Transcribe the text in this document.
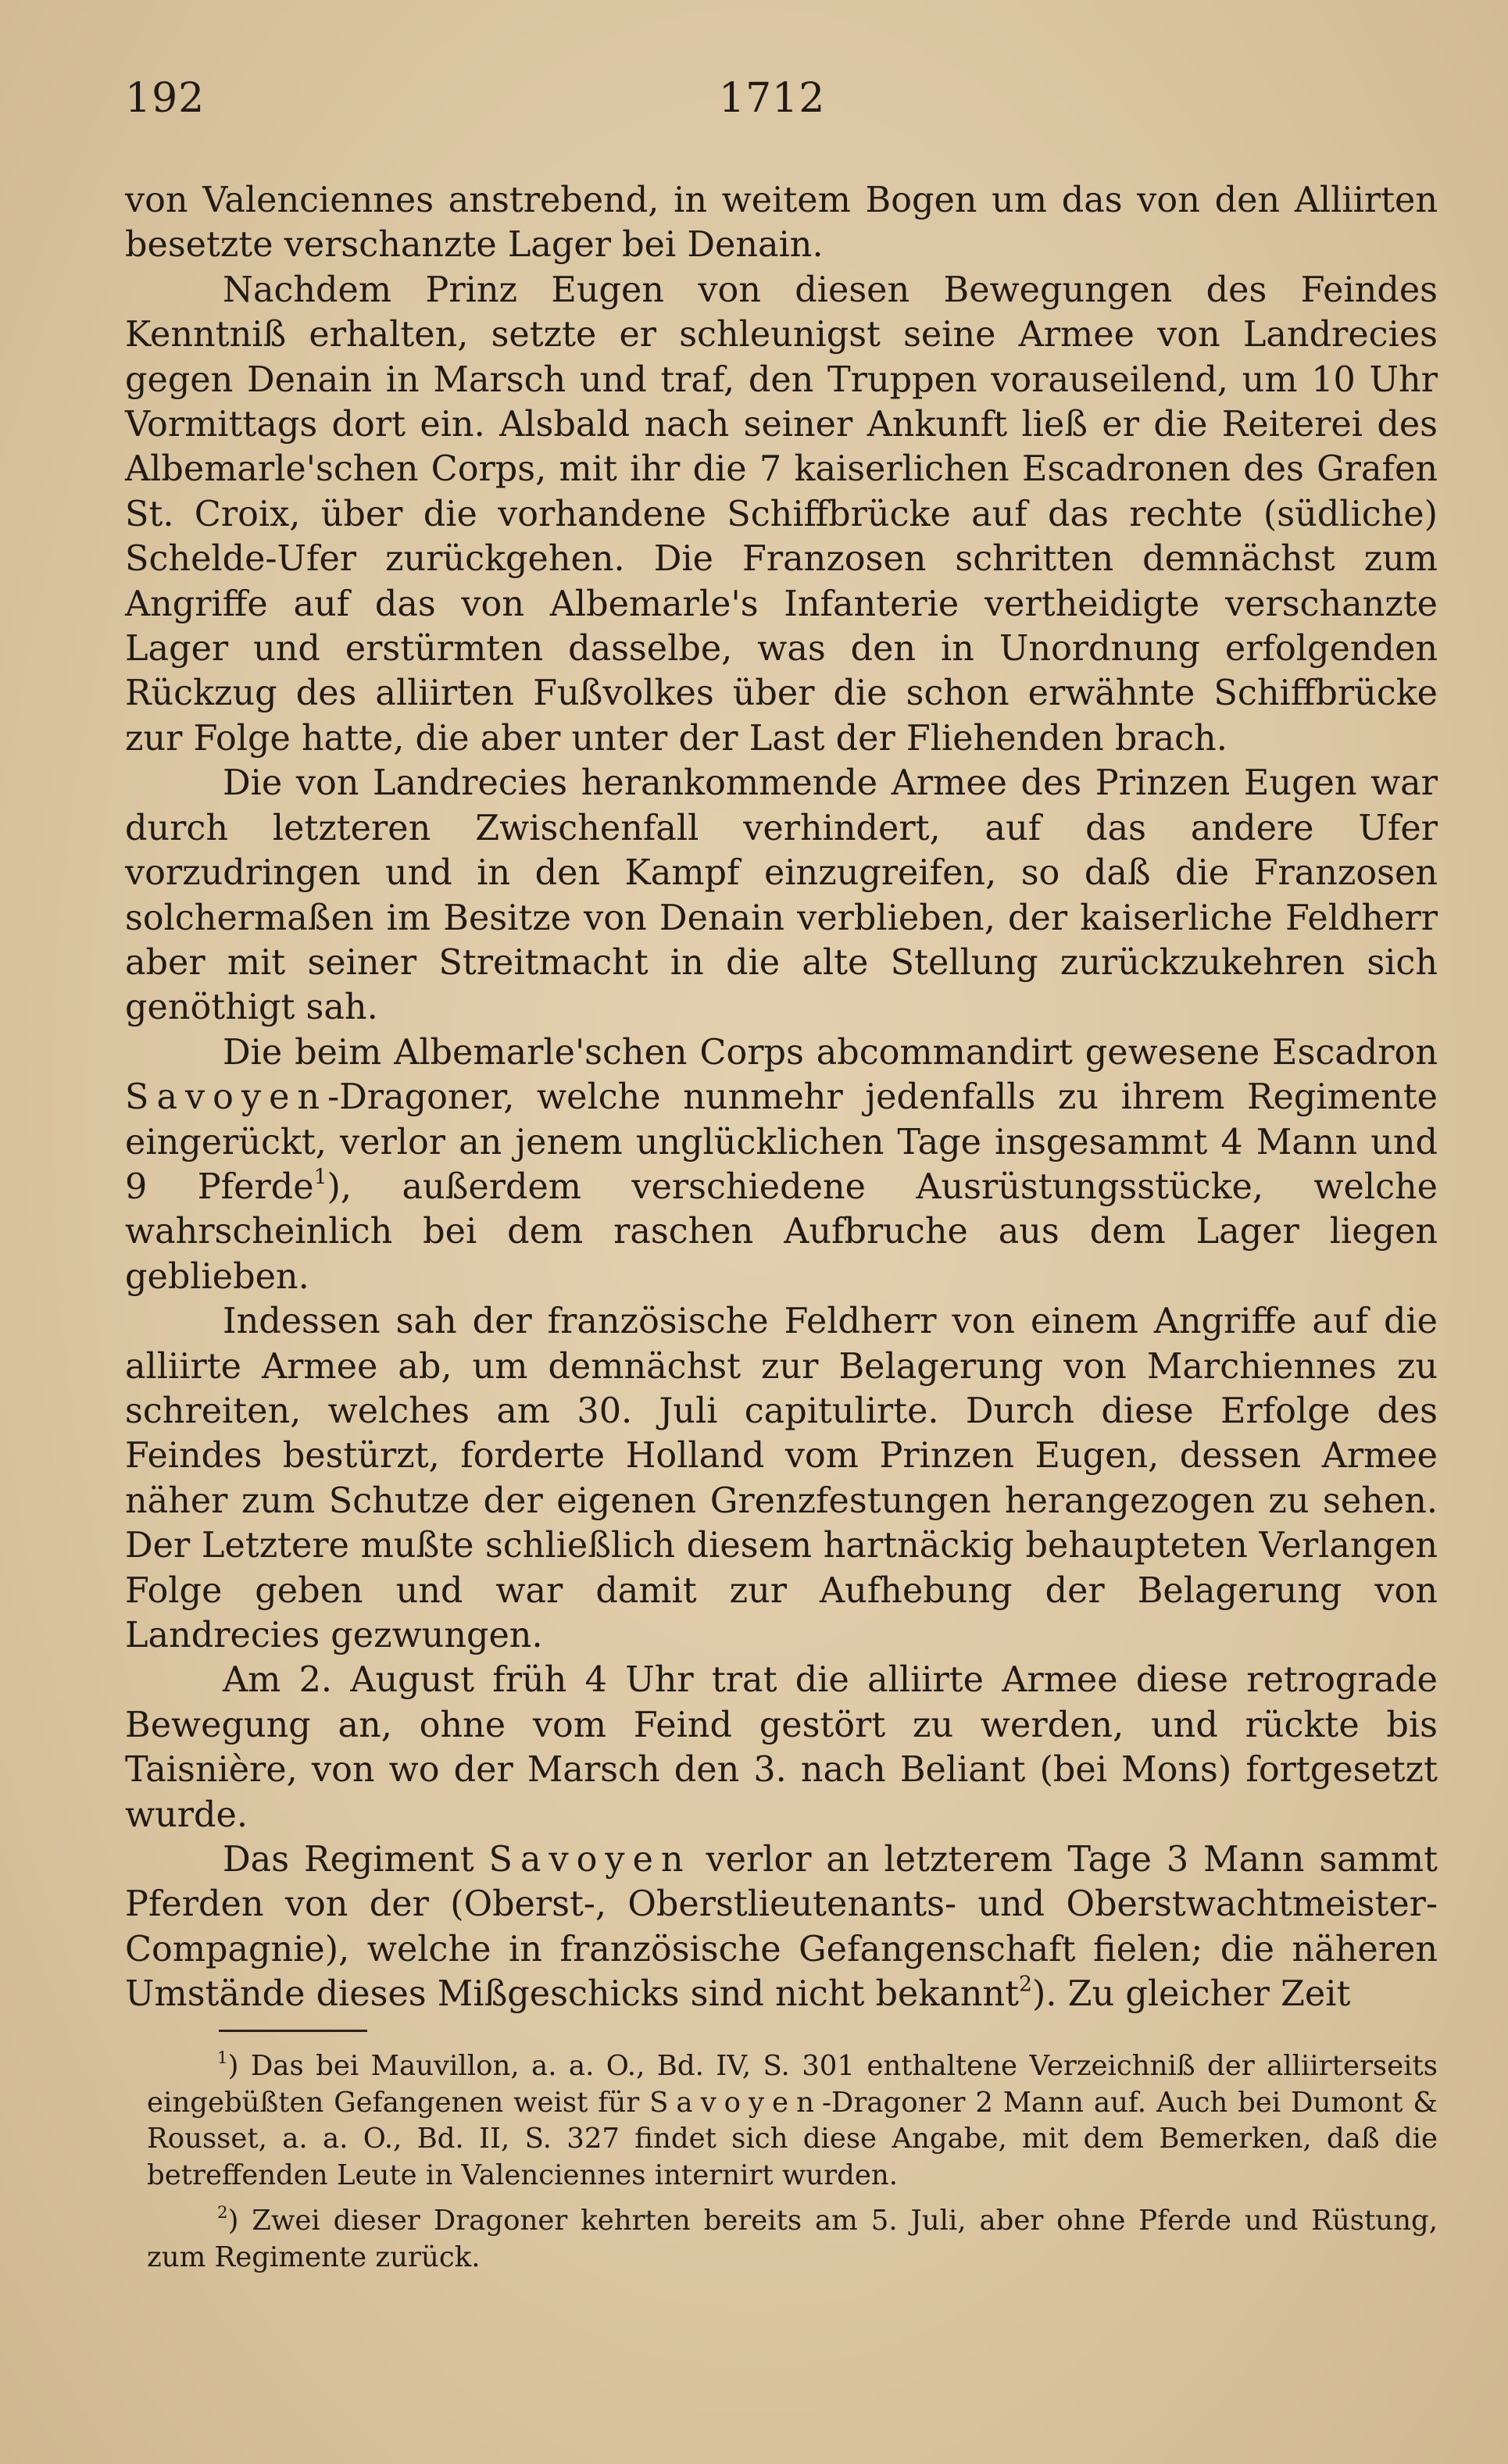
192	1712

von Valenciennes anstrebend, in weitem Bogen um das von den Alliirten besetzte verschanzte Lager bei Denain.

Nachdem Prinz Eugen von diesen Bewegungen des Feindes Kenntniß erhalten, setzte er schleunigst seine Armee von Landrecies gegen Denain in Marsch und traf, den Truppen vorauseilend, um 10 Uhr Vormittags dort ein. Alsbald nach seiner Ankunft ließ er die Reiterei des Albemarle'schen Corps, mit ihr die 7 kaiserlichen Escadronen des Grafen St. Croix, über die vorhandene Schiffbrücke auf das rechte (südliche) Schelde-Ufer zurückgehen. Die Franzosen schritten demnächst zum Angriffe auf das von Albemarle's Infanterie vertheidigte verschanzte Lager und erstürmten dasselbe, was den in Unordnung erfolgenden Rückzug des alliirten Fußvolkes über die schon erwähnte Schiffbrücke zur Folge hatte, die aber unter der Last der Fliehenden brach.

Die von Landrecies herankommende Armee des Prinzen Eugen war durch letzteren Zwischenfall verhindert, auf das andere Ufer vorzudringen und in den Kampf einzugreifen, so daß die Franzosen solchermaßen im Besitze von Denain verblieben, der kaiserliche Feldherr aber mit seiner Streitmacht in die alte Stellung zurückzukehren sich genöthigt sah.

Die beim Albemarle'schen Corps abcommandirt gewesene Escadron Savoyen-Dragoner, welche nunmehr jedenfalls zu ihrem Regimente eingerückt, verlor an jenem unglücklichen Tage insgesammt 4 Mann und 9 Pferde$^1$), außerdem verschiedene Ausrüstungsstücke, welche wahrscheinlich bei dem raschen Aufbruche aus dem Lager liegen geblieben.

Indessen sah der französische Feldherr von einem Angriffe auf die alliirte Armee ab, um demnächst zur Belagerung von Marchiennes zu schreiten, welches am 30. Juli capitulirte. Durch diese Erfolge des Feindes bestürzt, forderte Holland vom Prinzen Eugen, dessen Armee näher zum Schutze der eigenen Grenzfestungen herangezogen zu sehen. Der Letztere mußte schließlich diesem hartnäckig behaupteten Verlangen Folge geben und war damit zur Aufhebung der Belagerung von Landrecies gezwungen.

Am 2. August früh 4 Uhr trat die alliirte Armee diese retrograde Bewegung an, ohne vom Feind gestört zu werden, und rückte bis Taisnière, von wo der Marsch den 3. nach Beliant (bei Mons) fortgesetzt wurde.

Das Regiment Savoyen verlor an letzterem Tage 3 Mann sammt Pferden von der (Oberst-, Oberstlieutenants- und Oberstwachtmeister-Compagnie), welche in französische Gefangenschaft fielen; die näheren Umstände dieses Mißgeschicks sind nicht bekannt$^2$). Zu gleicher Zeit

$^1$) Das bei Mauvillon, a. a. O., Bd. IV, S. 301 enthaltene Verzeichniß der alliirterseits eingebüßten Gefangenen weist für Savoyen-Dragoner 2 Mann auf. Auch bei Dumont & Rousset, a. a. O., Bd. II, S. 327 findet sich diese Angabe, mit dem Bemerken, daß die betreffenden Leute in Valenciennes internirt wurden.

$^2$) Zwei dieser Dragoner kehrten bereits am 5. Juli, aber ohne Pferde und Rüstung, zum Regimente zurück.
